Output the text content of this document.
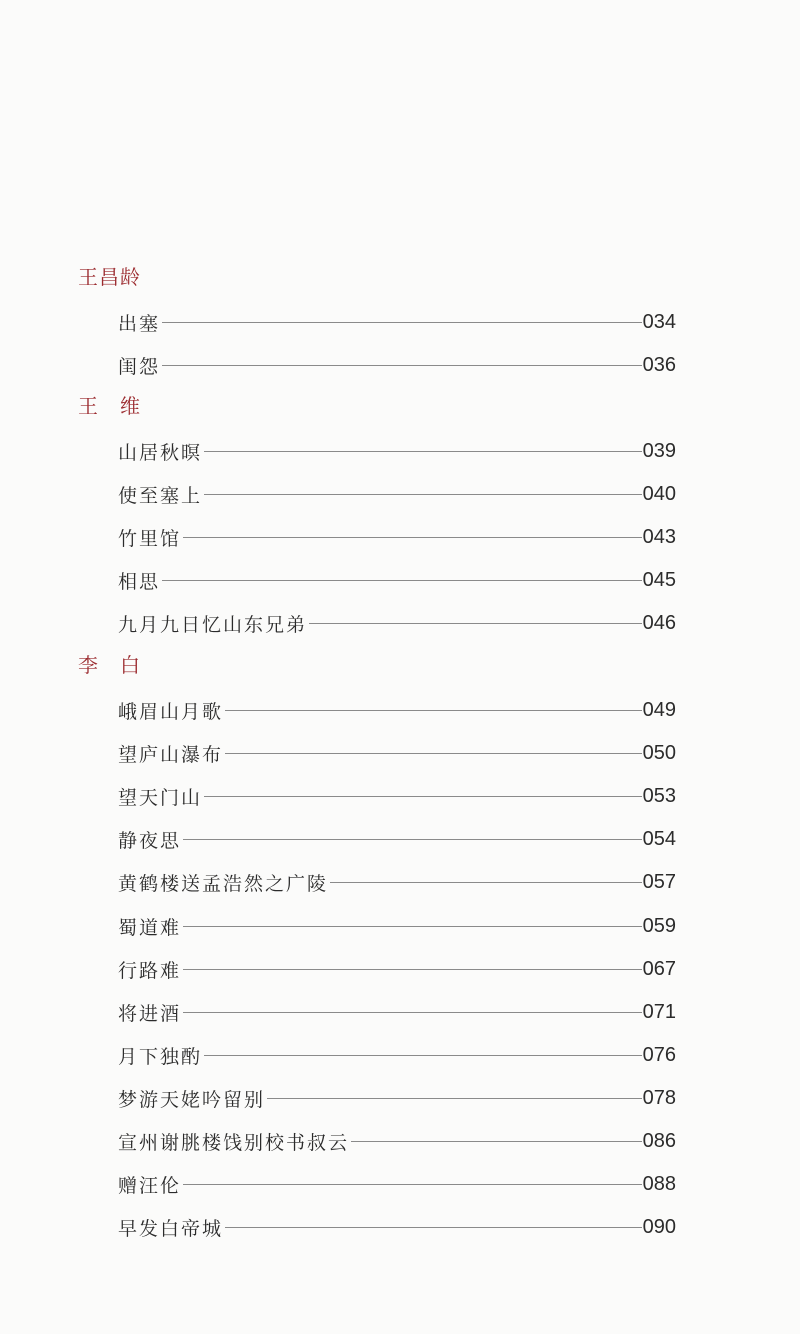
王昌龄
出塞	034
闺怨	036
王　维
山居秋暝	039
使至塞上	040
竹里馆	043
相思	045
九月九日忆山东兄弟	046
李　白
峨眉山月歌	049
望庐山瀑布	050
望天门山	053
静夜思	054
黄鹤楼送孟浩然之广陵	057
蜀道难	059
行路难	067
将进酒	071
月下独酌	076
梦游天姥吟留别	078
宣州谢朓楼饯别校书叔云	086
赠汪伦	088
早发白帝城	090
